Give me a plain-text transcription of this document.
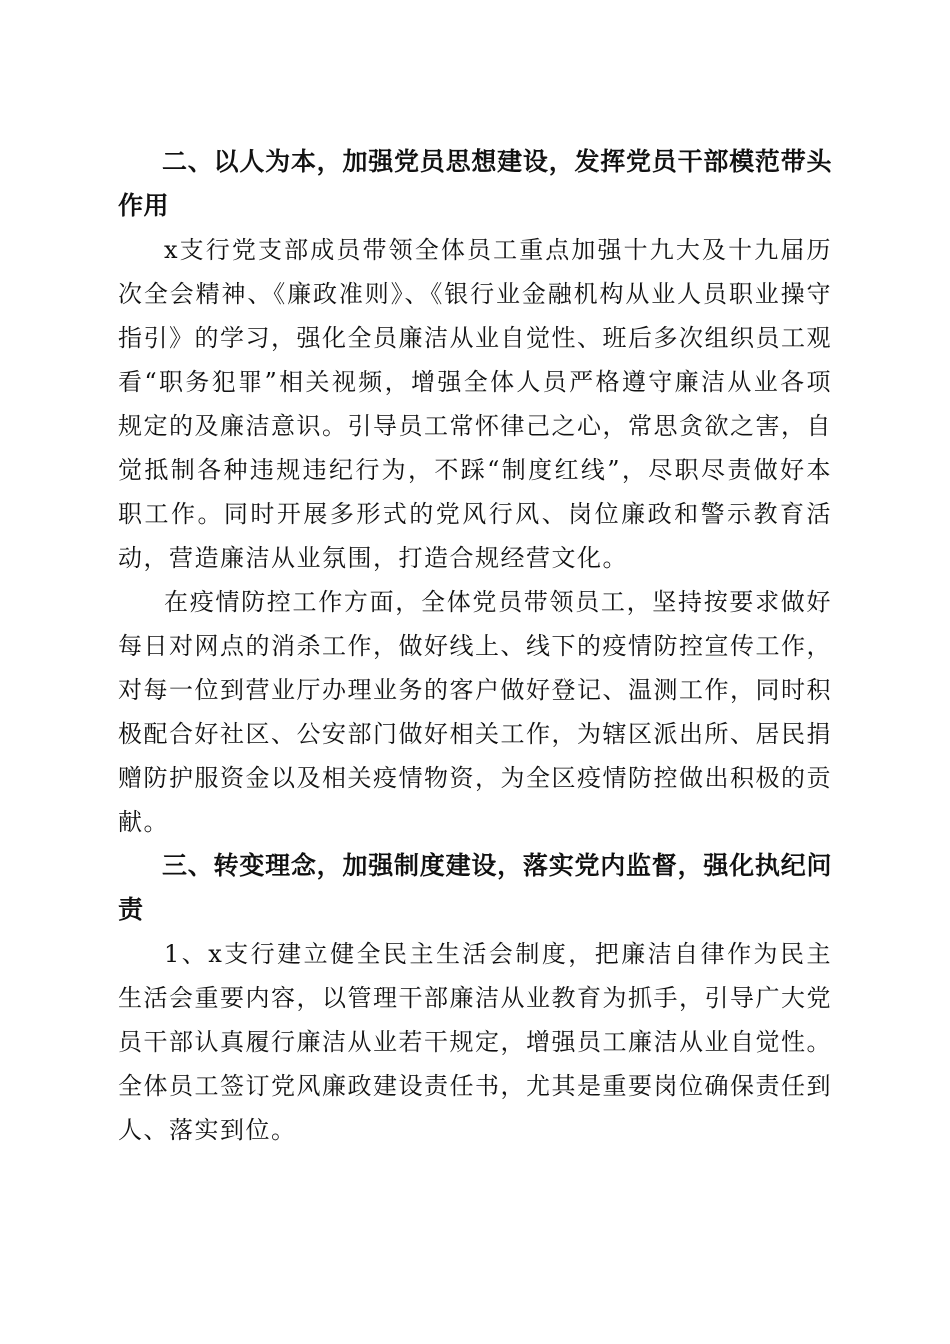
二、以人为本，加强党员思想建设，发挥党员干部模范带头作用

x支行党支部成员带领全体员工重点加强十九大及十九届历次全会精神、《廉政准则》、《银行业金融机构从业人员职业操守指引》的学习，强化全员廉洁从业自觉性、班后多次组织员工观看“职务犯罪”相关视频，增强全体人员严格遵守廉洁从业各项规定的及廉洁意识。引导员工常怀律己之心，常思贪欲之害，自觉抵制各种违规违纪行为，不踩“制度红线”，尽职尽责做好本职工作。同时开展多形式的党风行风、岗位廉政和警示教育活动，营造廉洁从业氛围，打造合规经营文化。

在疫情防控工作方面，全体党员带领员工，坚持按要求做好每日对网点的消杀工作，做好线上、线下的疫情防控宣传工作，对每一位到营业厅办理业务的客户做好登记、温测工作，同时积极配合好社区、公安部门做好相关工作，为辖区派出所、居民捐赠防护服资金以及相关疫情物资，为全区疫情防控做出积极的贡献。

三、转变理念，加强制度建设，落实党内监督，强化执纪问责

1、x支行建立健全民主生活会制度，把廉洁自律作为民主生活会重要内容，以管理干部廉洁从业教育为抓手，引导广大党员干部认真履行廉洁从业若干规定，增强员工廉洁从业自觉性。全体员工签订党风廉政建设责任书，尤其是重要岗位确保责任到人、落实到位。
